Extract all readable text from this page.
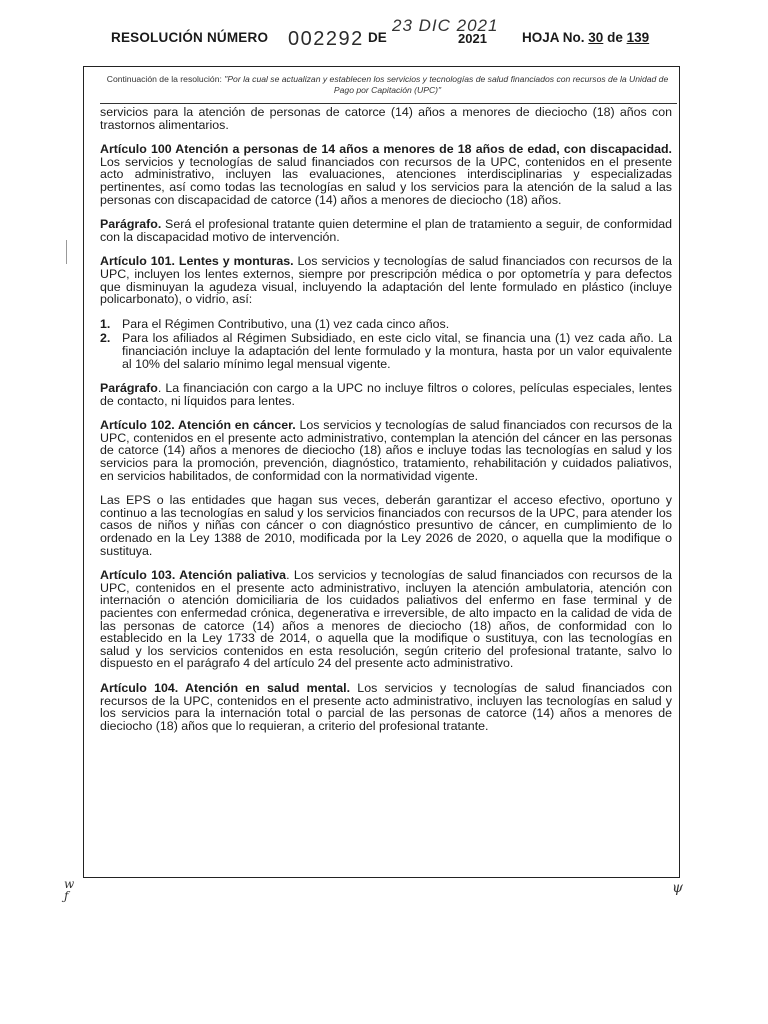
RESOLUCIÓN NÚMERO 002292 DE
23 DIC 2021
2021	HOJA No. 30 de 139
Continuación de la resolución: "Por la cual se actualizan y establecen los servicios y tecnologías de salud financiados con recursos de la Unidad de Pago por Capitación (UPC)"

servicios para la atención de personas de catorce (14) años a menores de dieciocho (18) años con trastornos alimentarios.

Artículo 100 Atención a personas de 14 años a menores de 18 años de edad, con discapacidad. Los servicios y tecnologías de salud financiados con recursos de la UPC, contenidos en el presente acto administrativo, incluyen las evaluaciones, atenciones interdisciplinarias y especializadas pertinentes, así como todas las tecnologías en salud y los servicios para la atención de la salud a las personas con discapacidad de catorce (14) años a menores de dieciocho (18) años.

Parágrafo. Será el profesional tratante quien determine el plan de tratamiento a seguir, de conformidad con la discapacidad motivo de intervención.

Artículo 101. Lentes y monturas. Los servicios y tecnologías de salud financiados con recursos de la UPC, incluyen los lentes externos, siempre por prescripción médica o por optometría y para defectos que disminuyan la agudeza visual, incluyendo la adaptación del lente formulado en plástico (incluye policarbonato), o vidrio, así:

1. Para el Régimen Contributivo, una (1) vez cada cinco años.
2. Para los afiliados al Régimen Subsidiado, en este ciclo vital, se financia una (1) vez cada año. La financiación incluye la adaptación del lente formulado y la montura, hasta por un valor equivalente al 10% del salario mínimo legal mensual vigente.

Parágrafo. La financiación con cargo a la UPC no incluye filtros o colores, películas especiales, lentes de contacto, ni líquidos para lentes.

Artículo 102. Atención en cáncer. Los servicios y tecnologías de salud financiados con recursos de la UPC, contenidos en el presente acto administrativo, contemplan la atención del cáncer en las personas de catorce (14) años a menores de dieciocho (18) años e incluye todas las tecnologías en salud y los servicios para la promoción, prevención, diagnóstico, tratamiento, rehabilitación y cuidados paliativos, en servicios habilitados, de conformidad con la normatividad vigente.

Las EPS o las entidades que hagan sus veces, deberán garantizar el acceso efectivo, oportuno y continuo a las tecnologías en salud y los servicios financiados con recursos de la UPC, para atender los casos de niños y niñas con cáncer o con diagnóstico presuntivo de cáncer, en cumplimiento de lo ordenado en la Ley 1388 de 2010, modificada por la Ley 2026 de 2020, o aquella que la modifique o sustituya.

Artículo 103. Atención paliativa. Los servicios y tecnologías de salud financiados con recursos de la UPC, contenidos en el presente acto administrativo, incluyen la atención ambulatoria, atención con internación o atención domiciliaria de los cuidados paliativos del enfermo en fase terminal y de pacientes con enfermedad crónica, degenerativa e irreversible, de alto impacto en la calidad de vida de las personas de catorce (14) años a menores de dieciocho (18) años, de conformidad con lo establecido en la Ley 1733 de 2014, o aquella que la modifique o sustituya, con las tecnologías en salud y los servicios contenidos en esta resolución, según criterio del profesional tratante, salvo lo dispuesto en el parágrafo 4 del artículo 24 del presente acto administrativo.

Artículo 104. Atención en salud mental. Los servicios y tecnologías de salud financiados con recursos de la UPC, contenidos en el presente acto administrativo, incluyen las tecnologías en salud y los servicios para la internación total o parcial de las personas de catorce (14) años a menores de dieciocho (18) años que lo requieran, a criterio del profesional tratante.

w
ƒ	ψ
